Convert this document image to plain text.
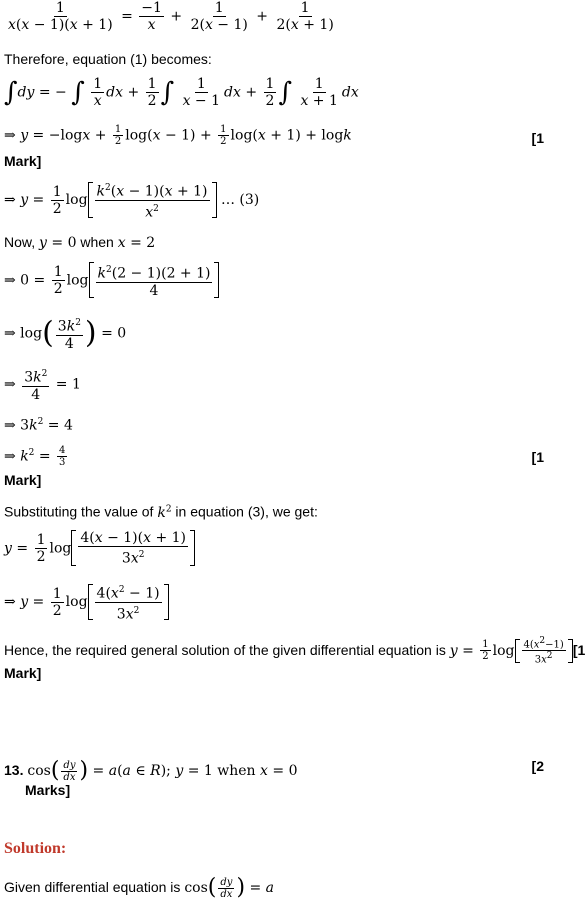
$\frac{1}{x(x - 1)(x + 1)} = \frac{-1}{x} + \frac{1}{2(x - 1)} + \frac{1}{2(x + 1)}$
Therefore, equation (1) becomes:
∫dy = − ∫ $\frac{1}{x}$ dx + $\frac{1}{2}$ ∫ $\frac{1}{x - 1}$ dx + $\frac{1}{2}$ ∫ $\frac{1}{x + 1}$ dx
⇒ $y = -\log x + \frac{1}{2} \log(x - 1) + \frac{1}{2} \log(x + 1) + \log k$	[1
Mark]
⇒ $y = \frac{1}{2}$ $\log \frac{k^2(x - 1)(x + 1)}{x^2}$ … (3)
Now, y = 0 when x = 2
⇒ $0 = \frac{1}{2}$ $\log \frac{k^2(2 - 1)(2 + 1)}{4}$
⇒ $\log( \frac{3k^2}{4}$ ) = 0
⇒ $\frac{3k^2}{4} = 1$
⇒ $3k^2 = 4$
⇒ $k^2 = \frac{4}{3}$	[1
Mark]
Substituting the value of $k^2$ in equation (3), we get:
$y = \frac{1}{2}$ $\log \frac{4(x - 1)(x + 1)}{3x^2}$
⇒ $y = \frac{1}{2}$ $\log \frac{4(x^2 - 1)}{3x^2}$
Hence, the required general solution of the given differential equation is $y = \frac{1}{2}$ $\log \frac{4(x^2-1)}{3x^2} [1$
Mark]
13. $\cos( \frac{dy}{dx}$ ) = a(a ∈ R); y = 1 when x = 0	[2
Marks]
Solution:
Given differential equation is $\cos( \frac{dy}{dx}$ ) = a
